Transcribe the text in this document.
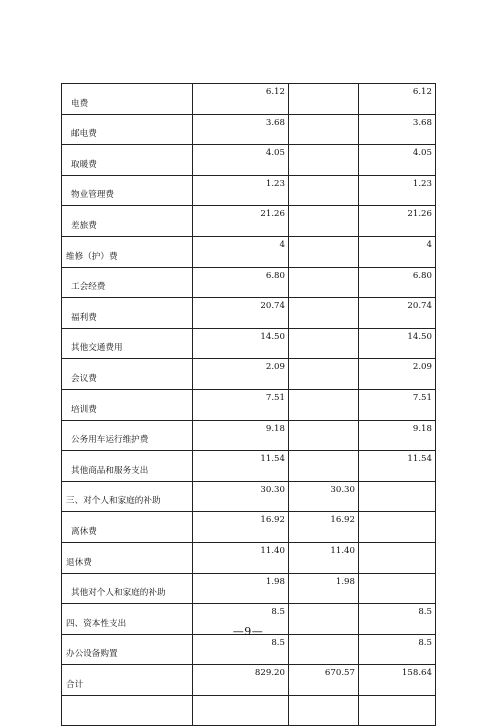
电费	6.12		6.12
邮电费	3.68		3.68
取暖费	4.05		4.05
物业管理费	1.23		1.23
差旅费	21.26		21.26
维修（护）费	4		4
工会经费	6.80		6.80
福利费	20.74		20.74
其他交通费用	14.50		14.50
会议费	2.09		2.09
培训费	7.51		7.51
公务用车运行维护费	9.18		9.18
其他商品和服务支出	11.54		11.54
三、对个人和家庭的补助	30.30	30.30	
离休费	16.92	16.92	
退休费	11.40	11.40	
其他对个人和家庭的补助	1.98	1.98	
四、资本性支出	8.5		8.5
办公设备购置	8.5		8.5
合计	829.20	670.57	158.64

—9—
